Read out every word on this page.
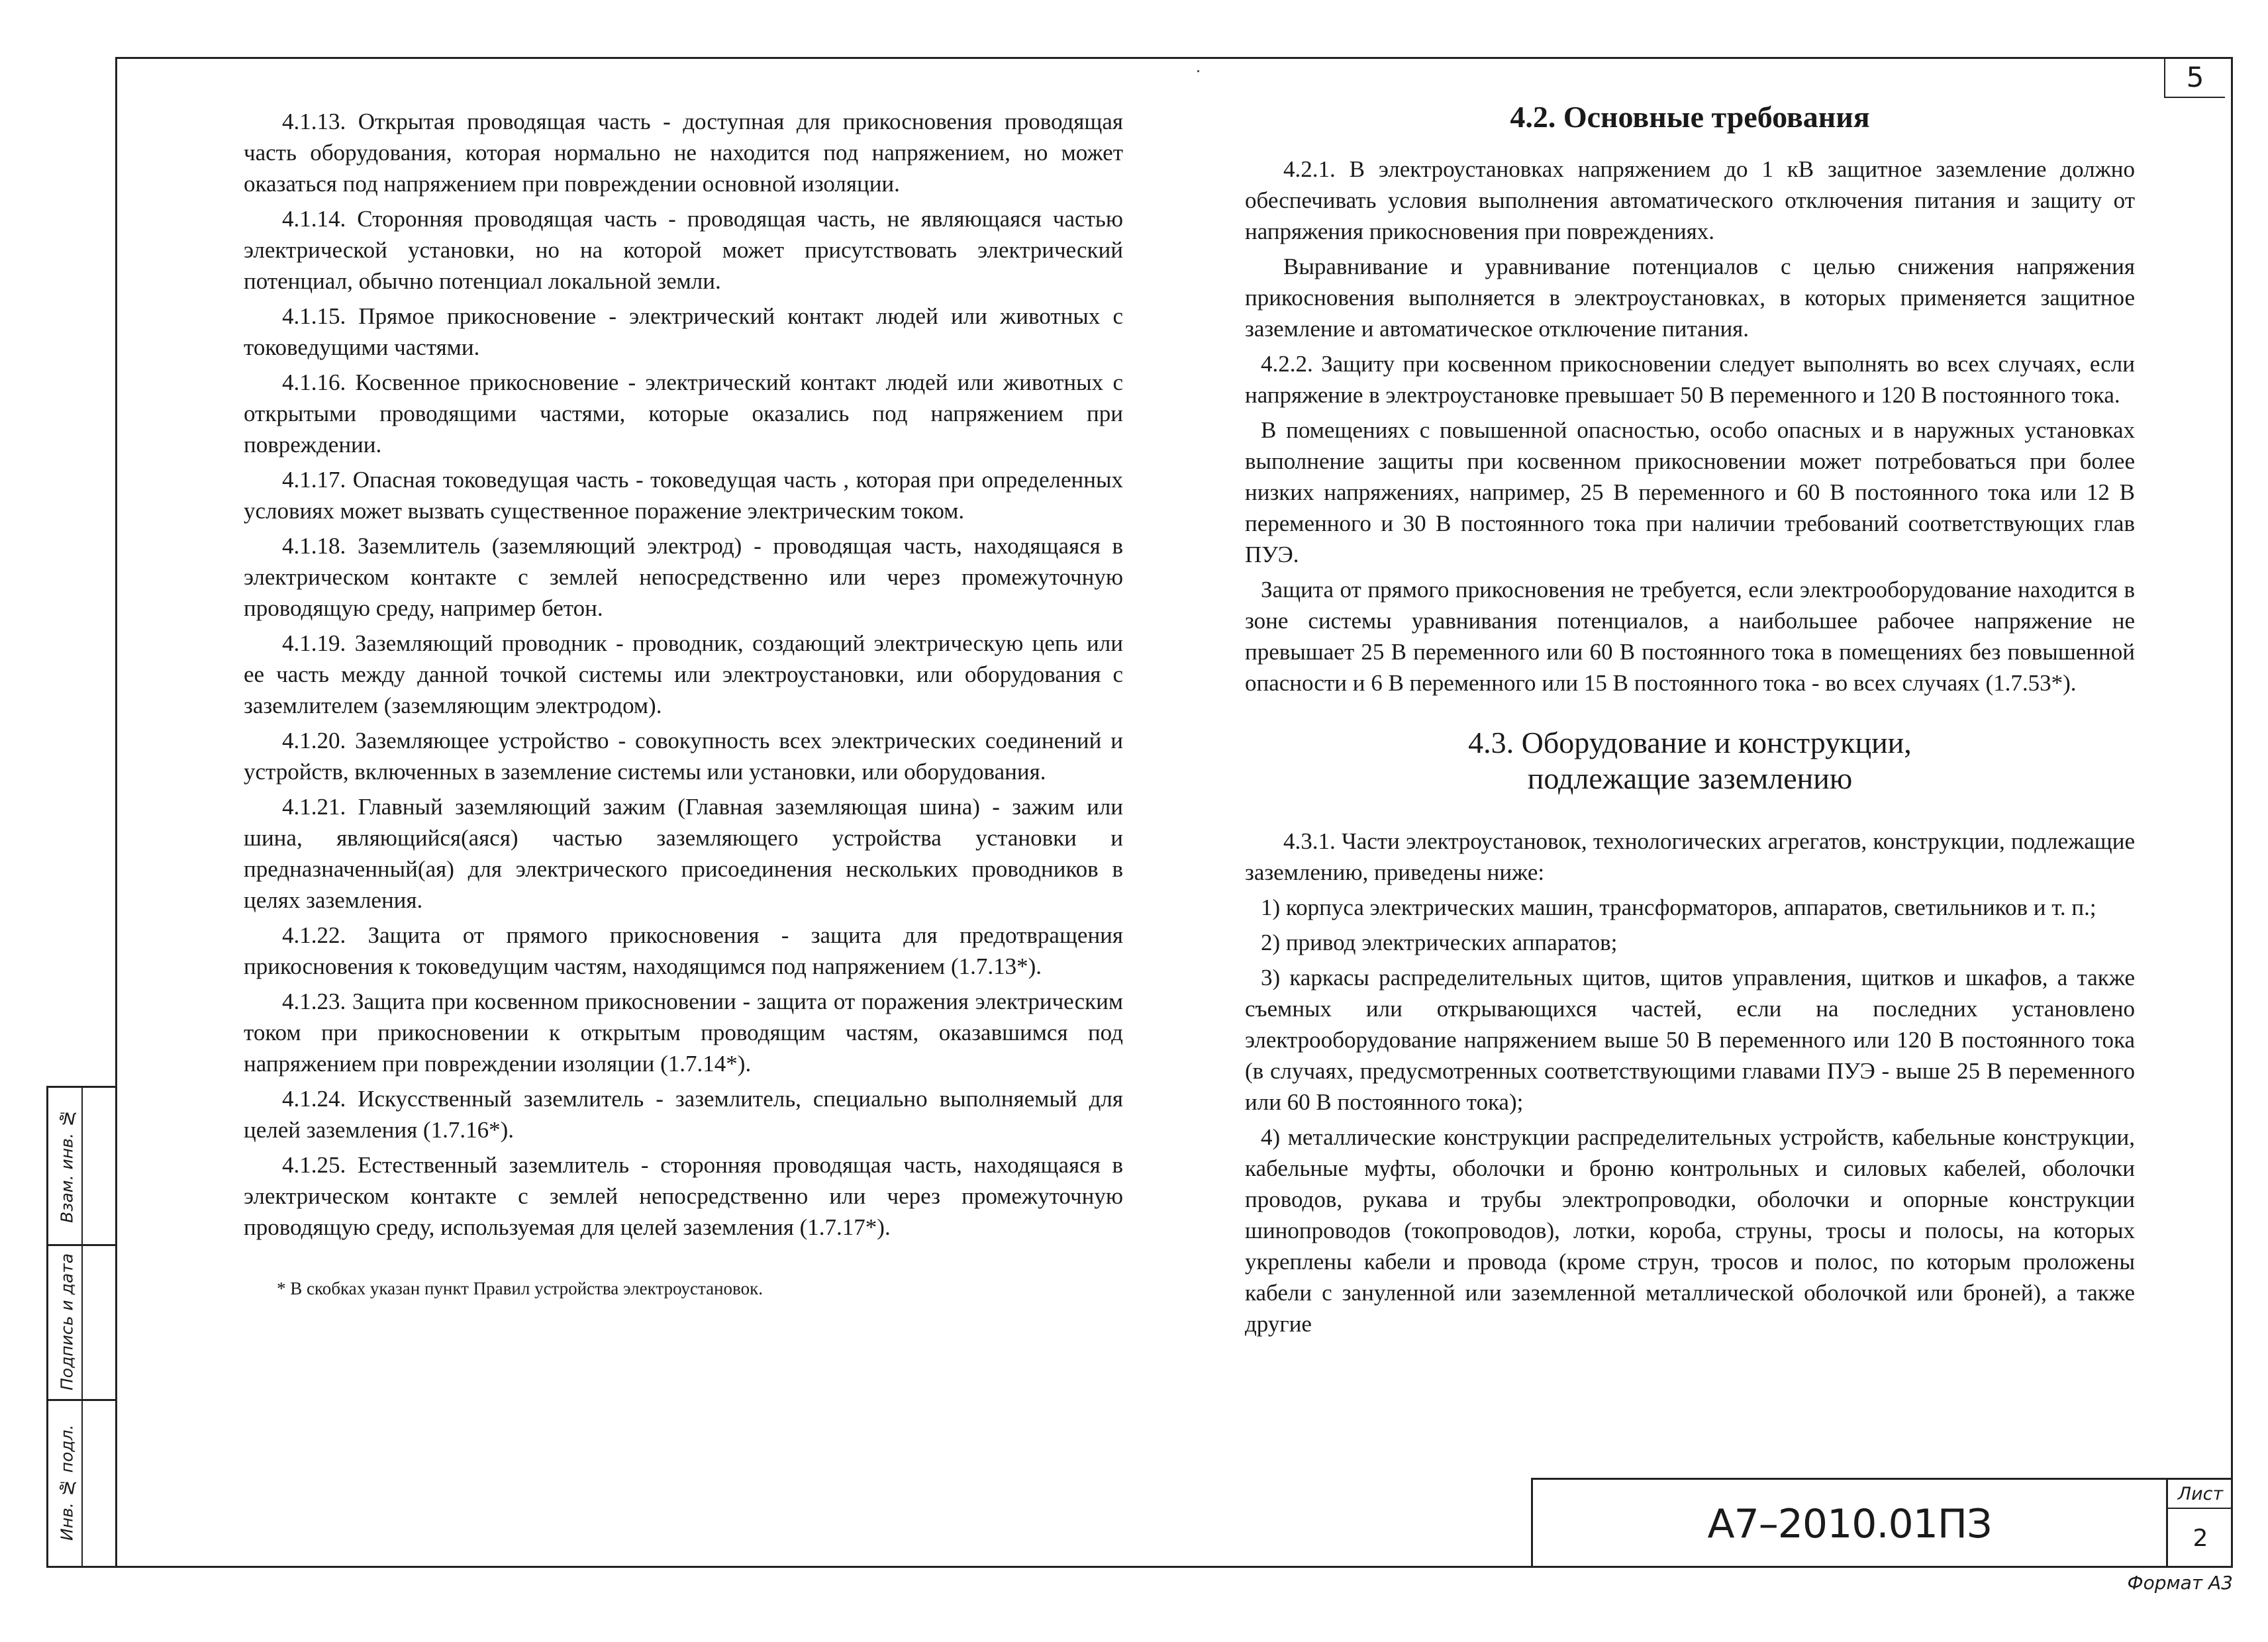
5
Взам. инв. №
Подпись и дата
Инв. № подл.

4.1.13. Открытая проводящая часть - доступная для прикосновения проводящая часть оборудования, которая нормально не находится под напряжением, но может оказаться под напряжением при повреждении основной изоляции.

4.1.14. Сторонняя проводящая часть - проводящая часть, не являющаяся частью электрической установки, но на которой может присутствовать электрический потенциал, обычно потенциал локальной земли.

4.1.15. Прямое прикосновение - электрический контакт людей или животных с токоведущими частями.

4.1.16. Косвенное прикосновение - электрический контакт людей или животных с открытыми проводящими частями, которые оказались под напряжением при повреждении.

4.1.17. Опасная токоведущая часть - токоведущая часть , которая при определенных условиях может вызвать существенное поражение электрическим током.

4.1.18. Заземлитель (заземляющий электрод) - проводящая часть, находящаяся в электрическом контакте с землей непосредственно или через промежуточную проводящую среду, например бетон.

4.1.19. Заземляющий проводник - проводник, создающий электрическую цепь или ее часть между данной точкой системы или электроустановки, или оборудования с заземлителем (заземляющим электродом).

4.1.20. Заземляющее устройство - совокупность всех электрических соединений и устройств, включенных в заземление системы или установки, или оборудования.

4.1.21. Главный заземляющий зажим (Главная заземляющая шина) - зажим или шина, являющийся(аяся) частью заземляющего устройства установки и предназначенный(ая) для электрического присоединения нескольких проводников в целях заземления.

4.1.22. Защита от прямого прикосновения - защита для предотвращения прикосновения к токоведущим частям, находящимся под напряжением (1.7.13*).

4.1.23. Защита при косвенном прикосновении - защита от поражения электрическим током при прикосновении к открытым проводящим частям, оказавшимся под напряжением при повреждении изоляции (1.7.14*).

4.1.24. Искусственный заземлитель - заземлитель, специально выполняемый для целей заземления (1.7.16*).

4.1.25. Естественный заземлитель - сторонняя проводящая часть, находящаяся в электрическом контакте с землей непосредственно или через промежуточную проводящую среду, используемая для целей заземления (1.7.17*).

* В скобках указан пункт Правил устройства электроустановок.

4.2. Основные требования

4.2.1. В электроустановках напряжением до 1 кВ защитное заземление должно обеспечивать условия выполнения автоматического отключения питания и защиту от напряжения прикосновения при повреждениях.

Выравнивание и уравнивание потенциалов с целью снижения напряжения прикосновения выполняется в электроустановках, в которых применяется защитное заземление и автоматическое отключение питания.

4.2.2. Защиту при косвенном прикосновении следует выполнять во всех случаях, если напряжение в электроустановке превышает 50 В переменного и 120 В постоянного тока.

В помещениях с повышенной опасностью, особо опасных и в наружных установках выполнение защиты при косвенном прикосновении может потребоваться при более низких напряжениях, например, 25 В переменного и 60 В постоянного тока или 12 В переменного и 30 В постоянного тока при наличии требований соответствующих глав ПУЭ.

Защита от прямого прикосновения не требуется, если электрооборудование находится в зоне системы уравнивания потенциалов, а наибольшее рабочее напряжение не превышает 25 В переменного или 60 В постоянного тока в помещениях без повышенной опасности и 6 В переменного или 15 В постоянного тока - во всех случаях (1.7.53*).

4.3. Оборудование и конструкции,
подлежащие заземлению

4.3.1. Части электроустановок, технологических агрегатов, конструкции, подлежащие заземлению, приведены ниже:

1) корпуса электрических машин, трансформаторов, аппаратов, светильников и т. п.;

2) привод электрических аппаратов;

3) каркасы распределительных щитов, щитов управления, щитков и шкафов, а также съемных или открывающихся частей, если на последних установлено электрооборудование напряжением выше 50 В переменного или 120 В постоянного тока (в случаях, предусмотренных соответствующими главами ПУЭ - выше 25 В переменного или 60 В постоянного тока);

4) металлические конструкции распределительных устройств, кабельные конструкции, кабельные муфты, оболочки и броню контрольных и силовых кабелей, оболочки проводов, рукава и трубы электропроводки, оболочки и опорные конструкции шинопроводов (токопроводов), лотки, короба, струны, тросы и полосы, на которых укреплены кабели и провода (кроме струн, тросов и полос, по которым проложены кабели с зануленной или заземленной металлической оболочкой или броней), а также другие

А7–2010.01ПЗ
Лист
2
Формат А3
